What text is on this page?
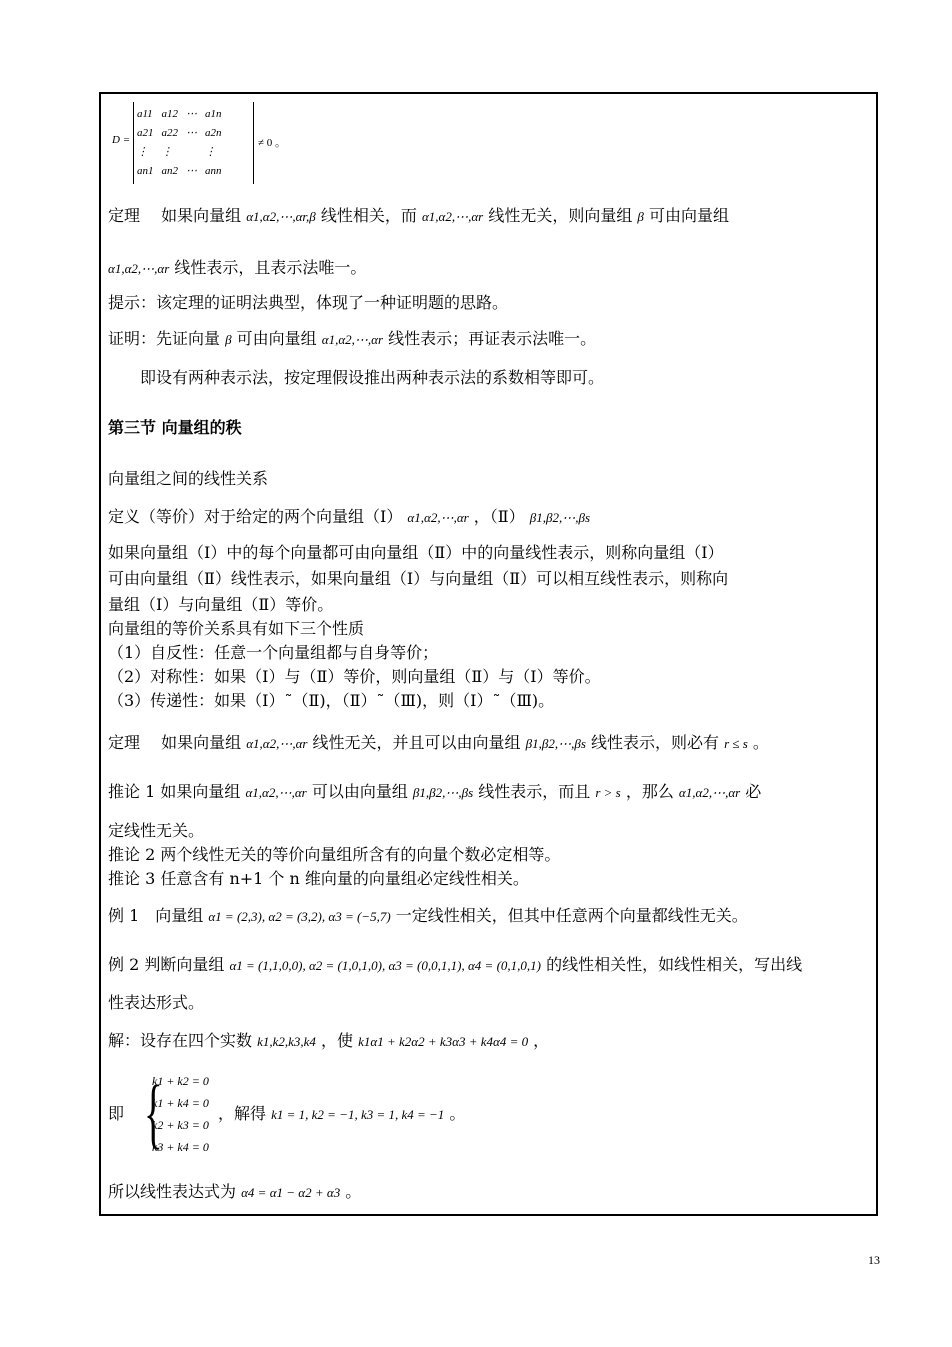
D =
a11	a12	⋯	a1n
a21	a22	⋯	a2n
⋮	⋮		⋮
an1	an2	⋯	ann
≠ 0 。
定理　 如果向量组 α1,α2,⋯,αr,β 线性相关，而 α1,α2,⋯,αr 线性无关，则向量组 β 可由向量组
α1,α2,⋯,αr 线性表示，且表示法唯一。
提示：该定理的证明法典型，体现了一种证明题的思路。
证明：先证向量 β 可由向量组 α1,α2,⋯,αr 线性表示；再证表示法唯一。
　　即设有两种表示法，按定理假设推出两种表示法的系数相等即可。
第三节 向量组的秩
向量组之间的线性关系
定义（等价）对于给定的两个向量组（Ⅰ） α1,α2,⋯,αr ，（Ⅱ） β1,β2,⋯,βs
如果向量组（Ⅰ）中的每个向量都可由向量组（Ⅱ）中的向量线性表示，则称向量组（Ⅰ）
可由向量组（Ⅱ）线性表示，如果向量组（Ⅰ）与向量组（Ⅱ）可以相互线性表示，则称向
量组（Ⅰ）与向量组（Ⅱ）等价。
向量组的等价关系具有如下三个性质
（1）自反性：任意一个向量组都与自身等价；
（2）对称性：如果（Ⅰ）与（Ⅱ）等价，则向量组（Ⅱ）与（Ⅰ）等价。
（3）传递性：如果（Ⅰ）˜（Ⅱ)，（Ⅱ）˜（Ⅲ)，则（Ⅰ）˜（Ⅲ)。
定理　 如果向量组 α1,α2,⋯,αr 线性无关，并且可以由向量组 β1,β2,⋯,βs 线性表示，则必有 r ≤ s 。
推论 1 如果向量组 α1,α2,⋯,αr 可以由向量组 β1,β2,⋯,βs 线性表示，而且 r > s ，那么 α1,α2,⋯,αr 必
定线性无关。
推论 2 两个线性无关的等价向量组所含有的向量个数必定相等。
推论 3 任意含有 n+1 个 n 维向量的向量组必定线性相关。
例 1　向量组 α1 = (2,3), α2 = (3,2), α3 = (−5,7) 一定线性相关，但其中任意两个向量都线性无关。
例 2 判断向量组 α1 = (1,1,0,0), α2 = (1,0,1,0), α3 = (0,0,1,1), α4 = (0,1,0,1) 的线性相关性，如线性相关，写出线
性表达形式。
解：设存在四个实数 k1,k2,k3,k4 ，使 k1α1 + k2α2 + k3α3 + k4α4 = 0 ，
即 {
k1 + k2 = 0
k1 + k4 = 0
k2 + k3 = 0
k3 + k4 = 0
，解得 k1 = 1, k2 = −1, k3 = 1, k4 = −1 。
所以线性表达式为 α4 = α1 − α2 + α3 。
13
